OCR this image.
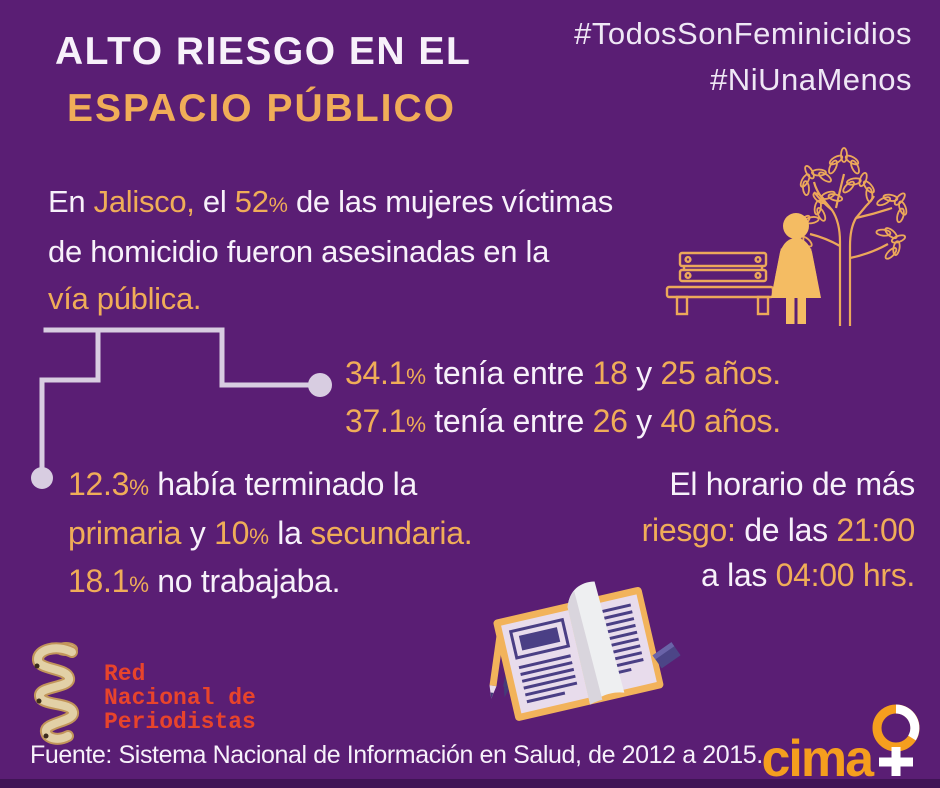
ALTO RIESGO EN EL
ESPACIO PÚBLICO
#TodosSonFeminicidios
#NiUnaMenos

En Jalisco, el 52% de las mujeres víctimas

de homicidio fueron asesinadas en la

vía pública.

34.1% tenía entre 18 y 25 años.

37.1% tenía entre 26 y 40 años.

12.3% había terminado la

primaria y 10% la secundaria.

18.1% no trabajaba.

El horario de más

riesgo: de las 21:00

a las 04:00 hrs.

Red
Nacional de
Periodistas
Fuente: Sistema Nacional de Información en Salud, de 2012 a 2015.
cima
